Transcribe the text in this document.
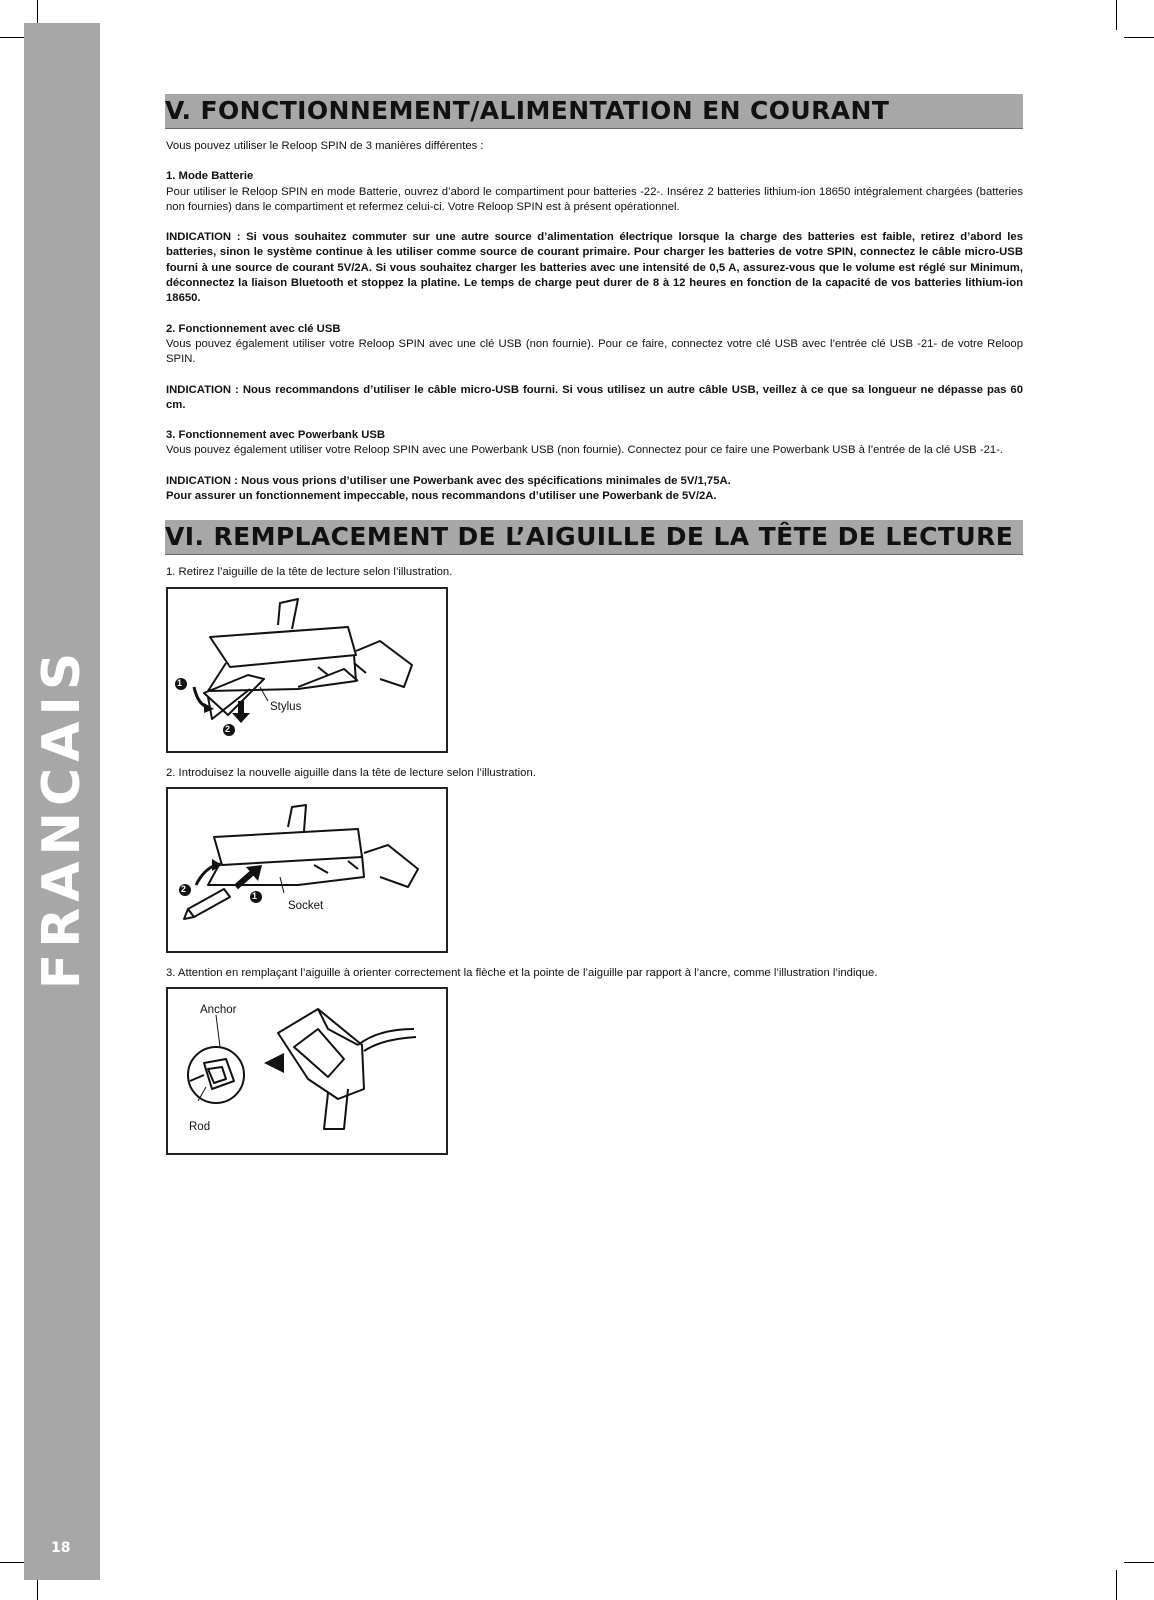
FRANCAIS
18
V. FONCTIONNEMENT/ALIMENTATION EN COURANT

Vous pouvez utiliser le Reloop SPIN de 3 manières différentes :

1. Mode Batterie

Pour utiliser le Reloop SPIN en mode Batterie, ouvrez d’abord le compartiment pour batteries -22-. Insérez 2 batteries lithium-ion 18650 intégralement chargées (batteries non fournies) dans le compartiment et refermez celui-ci. Votre Reloop SPIN est à présent opérationnel.

INDICATION : Si vous souhaitez commuter sur une autre source d’alimentation électrique lorsque la charge des batteries est faible, retirez d’abord les batteries, sinon le système continue à les utiliser comme source de courant primaire. Pour charger les batteries de votre SPIN, connectez le câble micro-USB fourni à une source de courant 5V/2A. Si vous souhaitez charger les batteries avec une intensité de 0,5 A, assurez-vous que le volume est réglé sur Minimum, déconnectez la liaison Bluetooth et stoppez la platine. Le temps de charge peut durer de 8 à 12 heures en fonction de la capacité de vos batteries lithium-ion 18650.

2. Fonctionnement avec clé USB

Vous pouvez également utiliser votre Reloop SPIN avec une clé USB (non fournie). Pour ce faire, connectez votre clé USB avec l’entrée clé USB -21- de votre Reloop SPIN.

INDICATION : Nous recommandons d’utiliser le câble micro-USB fourni. Si vous utilisez un autre câble USB, veillez à ce que sa longueur ne dépasse pas 60 cm.

3. Fonctionnement avec Powerbank USB

Vous pouvez également utiliser votre Reloop SPIN avec une Powerbank USB (non fournie). Connectez pour ce faire une Powerbank USB à l’entrée de la clé USB -21-.

INDICATION : Nous vous prions d’utiliser une Powerbank avec des spécifications minimales de 5V/1,75A.

Pour assurer un fonctionnement impeccable, nous recommandons d’utiliser une Powerbank de 5V/2A.

VI. REMPLACEMENT DE L’AIGUILLE DE LA TÊTE DE LECTURE

1. Retirez l’aiguille de la tête de lecture selon l’illustration.

1
2
Stylus

2. Introduisez la nouvelle aiguille dans la tête de lecture selon l’illustration.

2
1
Socket

3. Attention en remplaçant l’aiguille à orienter correctement la flèche et la pointe de l’aiguille par rapport à l’ancre, comme l’illustration l’indique.

Anchor
Rod
